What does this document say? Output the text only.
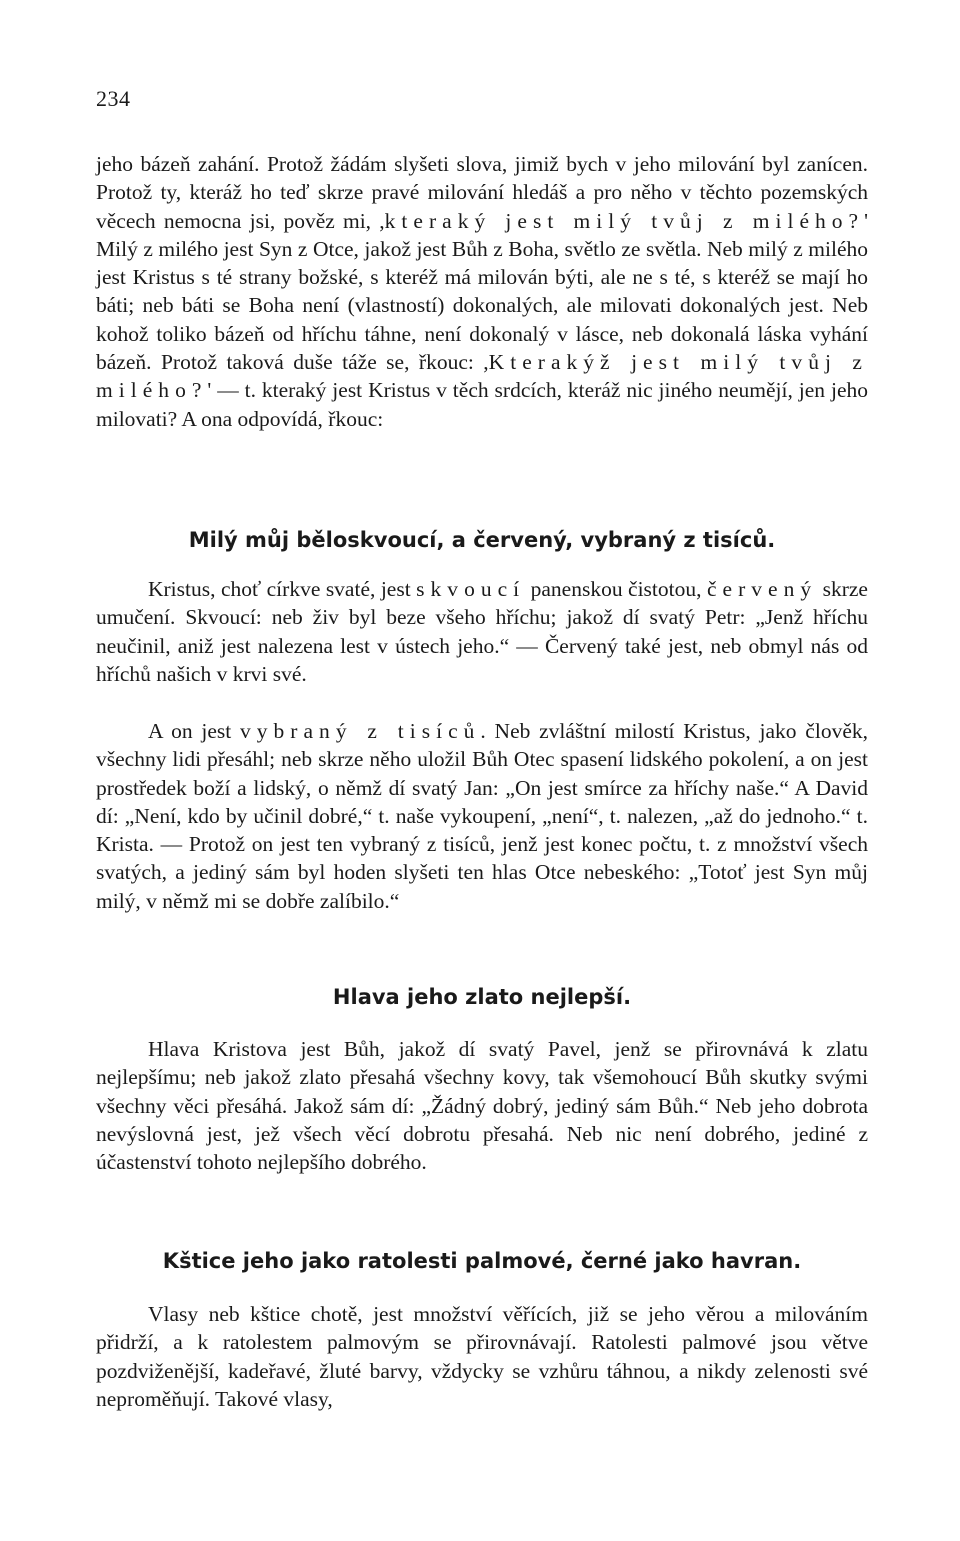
234

jeho bázeň zahání. Protož žádám slyšeti slova, jimiž bych v jeho milování byl zanícen. Protož ty, kteráž ho teď skrze pravé milování hledáš a pro něho v těchto pozemských věcech nemocna jsi, pověz mi, ,kteraký jest milý tvůj z milého?' Milý z milého jest Syn z Otce, jakož jest Bůh z Boha, světlo ze světla. Neb milý z milého jest Kristus s té strany božské, s kteréž má milován býti, ale ne s té, s kteréž se mají ho báti; neb báti se Boha není (vlastností) dokonalých, ale milovati dokonalých jest. Neb kohož toliko bázeň od hříchu táhne, není dokonalý v lásce, neb dokonalá láska vyhání bázeň. Protož taková duše táže se, řkouc: ,Kterakýž jest milý tvůj z milého?' — t. kteraký jest Kristus v těch srdcích, kteráž nic jiného neumějí, jen jeho milovati? A ona odpovídá, řkouc:

Milý můj běloskvoucí, a červený, vybraný z tisíců.

Kristus, choť církve svaté, jest skvoucí panenskou čistotou, červený skrze umučení. Skvoucí: neb živ byl beze všeho hříchu; jakož dí svatý Petr: „Jenž hříchu neučinil, aniž jest nalezena lest v ústech jeho.“ — Červený také jest, neb obmyl nás od hříchů našich v krvi své.

A on jest vybraný z tisíců. Neb zvláštní milostí Kristus, jako člověk, všechny lidi přesáhl; neb skrze něho uložil Bůh Otec spasení lidského pokolení, a on jest prostředek boží a lidský, o němž dí svatý Jan: „On jest smírce za hříchy naše.“ A David dí: „Není, kdo by učinil dobré,“ t. naše vykoupení, „není“, t. nalezen, „až do jednoho.“ t. Krista. — Protož on jest ten vybraný z tisíců, jenž jest konec počtu, t. z množství všech svatých, a jediný sám byl hoden slyšeti ten hlas Otce nebeského: „Totoť jest Syn můj milý, v němž mi se dobře zalíbilo.“

Hlava jeho zlato nejlepší.

Hlava Kristova jest Bůh, jakož dí svatý Pavel, jenž se přirovnává k zlatu nejlepšímu; neb jakož zlato přesahá všechny kovy, tak všemohoucí Bůh skutky svými všechny věci přesáhá. Jakož sám dí: „Žádný dobrý, jediný sám Bůh.“ Neb jeho dobrota nevýslovná jest, jež všech věcí dobrotu přesahá. Neb nic není dobrého, jediné z účastenství tohoto nejlepšího dobrého.

Kštice jeho jako ratolesti palmové, černé jako havran.

Vlasy neb kštice chotě, jest množství věřících, již se jeho věrou a milováním přidrží, a k ratolestem palmovým se přirovnávají. Ratolesti palmové jsou větve pozdviženější, kadeřavé, žluté barvy, vždycky se vzhůru táhnou, a nikdy zelenosti své neproměňují. Takové vlasy,
